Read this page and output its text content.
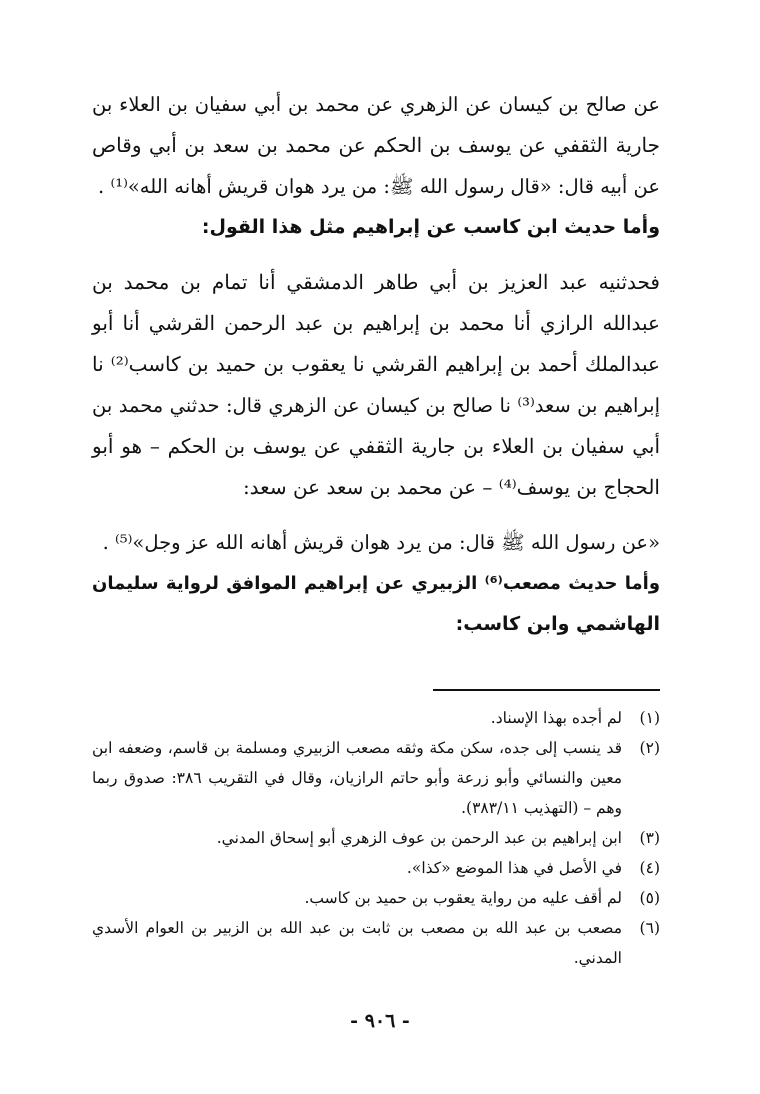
عن صالح بن كيسان عن الزهري عن محمد بن أبي سفيان بن العلاء بن
جارية الثقفي عن يوسف بن الحكم عن محمد بن سعد بن أبي وقاص
عن أبيه قال: «قال رسول الله ﷺ: من يرد هوان قريش أهانه الله»⁽¹⁾ .
وأما حديث ابن كاسب عن إبراهيم مثل هذا القول:
فحدثنيه عبد العزيز بن أبي طاهر الدمشقي أنا تمام بن محمد بن
عبدالله الرازي أنا محمد بن إبراهيم بن عبد الرحمن القرشي أنا أبو
عبدالملك أحمد بن إبراهيم القرشي نا يعقوب بن حميد بن كاسب⁽²⁾ نا
إبراهيم بن سعد⁽³⁾ نا صالح بن كيسان عن الزهري قال: حدثني محمد بن
أبي سفيان بن العلاء بن جارية الثقفي عن يوسف بن الحكم – هو أبو
الحجاج بن يوسف⁽⁴⁾ – عن محمد بن سعد عن سعد:
«عن رسول الله ﷺ قال: من يرد هوان قريش أهانه الله عز وجل»⁽⁵⁾ .
وأما حديث مصعب⁽⁶⁾ الزبيري عن إبراهيم الموافق لرواية سليمان
الهاشمي وابن كاسب:
(١)
لم أجده بهذا الإسناد.
(٢)
قد ينسب إلى جده، سكن مكة وثقه مصعب الزبيري ومسلمة بن قاسم، وضعفه ابن
معين والنسائي وأبو زرعة وأبو حاتم الرازيان، وقال في التقريب ٣٨٦: صدوق ربما
وهم – (التهذيب ٣٨٣/١١).
(٣)
ابن إبراهيم بن عبد الرحمن بن عوف الزهري أبو إسحاق المدني.
(٤)
في الأصل في هذا الموضع «كذا».
(٥)
لم أقف عليه من رواية يعقوب بن حميد بن كاسب.
(٦)
مصعب بن عبد الله بن مصعب بن ثابت بن عبد الله بن الزبير بن العوام الأسدي
المدني.
- ٩٠٦ -
